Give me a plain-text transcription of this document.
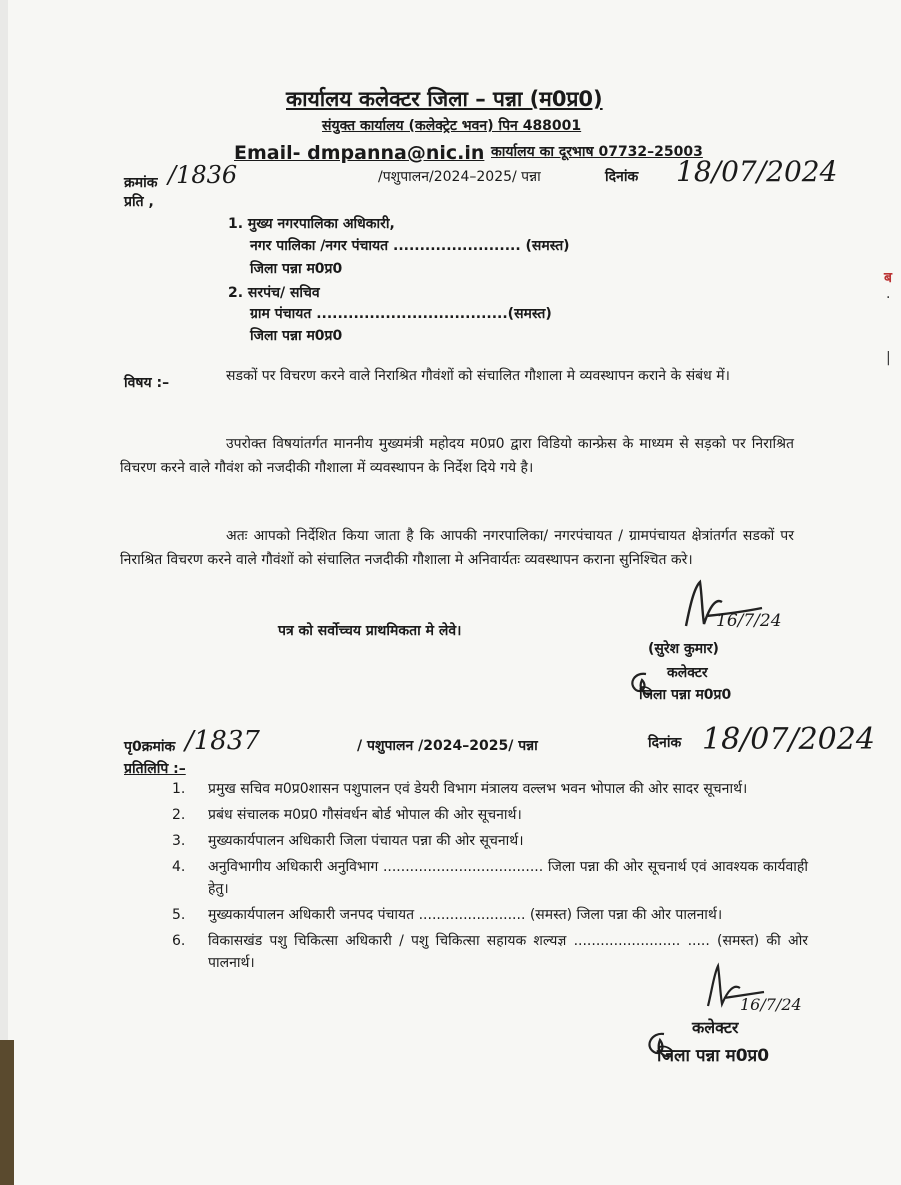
कार्यालय कलेक्टर जिला – पन्ना (म0प्र0)
संयुक्त कार्यालय (कलेक्ट्रेट भवन) पिन 488001
Email- dmpanna@nic.in कार्यालय का दूरभाष 07732–25003
क्रमांक /1836	/पशुपालन/2024–2025/ पन्ना	दिनांक 18/07/2024
प्रति ,
1. मुख्य नगरपालिका अधिकारी,
नगर पालिका /नगर पंचायत ........................ (समस्त)
जिला पन्ना म0प्र0
2. सरपंच/ सचिव
ग्राम पंचायत ....................................(समस्त)
जिला पन्ना म0प्र0
विषय :–	सडकों पर विचरण करने वाले निराश्रित गौवंशों को संचालित गौशाला मे व्यवस्थापन कराने के संबंध में।
उपरोक्त विषयांतर्गत माननीय मुख्यमंत्री महोदय म0प्र0 द्वारा विडियो कान्फ्रेस के माध्यम से सड़को पर निराश्रित विचरण करने वाले गौवंश को नजदीकी गौशाला में व्यवस्थापन के निर्देश दिये गये है।
अतः आपको निर्देशित किया जाता है कि आपकी नगरपालिका/ नगरपंचायत / ग्रामपंचायत क्षेत्रांतर्गत सडकों पर निराश्रित विचरण करने वाले गौवंशों को संचालित नजदीकी गौशाला मे अनिवार्यतः व्यवस्थापन कराना सुनिश्चित करे।
पत्र को सर्वोच्चय प्राथमिकता मे लेवे।	16/7/24
(सुरेश कुमार)
कलेक्टर
जिला पन्ना म0प्र0
पृ0क्रमांक /1837	/ पशुपालन /2024–2025/ पन्ना	दिनांक 18/07/2024
प्रतिलिपि :–
1. प्रमुख सचिव म0प्र0शासन पशुपालन एवं डेयरी विभाग मंत्रालय वल्लभ भवन भोपाल की ओर सादर सूचनार्थ।
2. प्रबंध संचालक म0प्र0 गौसंवर्धन बोर्ड भोपाल की ओर सूचनार्थ।
3. मुख्यकार्यपालन अधिकारी जिला पंचायत पन्ना की ओर सूचनार्थ।
4. अनुविभागीय अधिकारी अनुविभाग .................................... जिला पन्ना की ओर सूचनार्थ एवं आवश्यक कार्यवाही हेतु।
5. मुख्यकार्यपालन अधिकारी जनपद पंचायत ........................ (समस्त) जिला पन्ना की ओर पालनार्थ।
6. विकासखंड पशु चिकित्सा अधिकारी / पशु चिकित्सा सहायक शल्यज्ञ ........................ ..... (समस्त) की ओर पालनार्थ।
16/7/24
कलेक्टर
जिला पन्ना म0प्र0
ब
·
|
